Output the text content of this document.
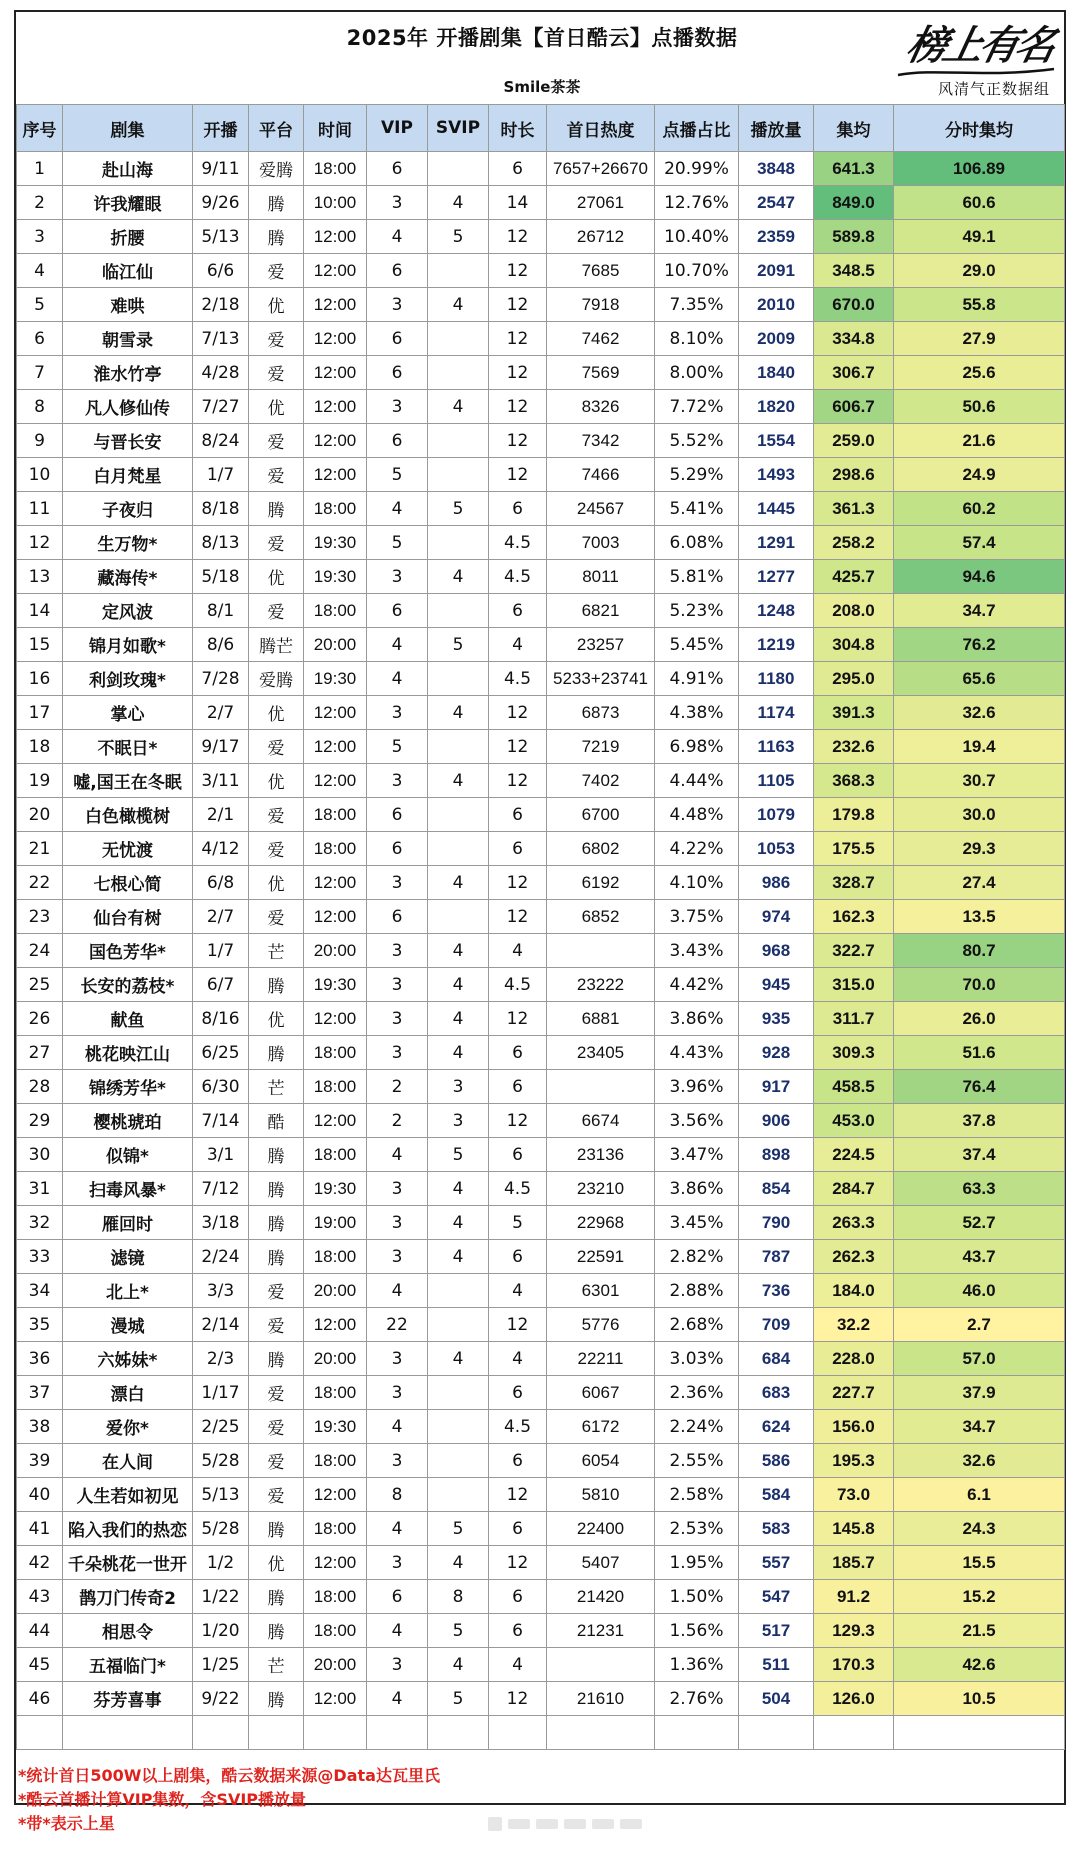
2025年 开播剧集【首日酷云】点播数据
Smile茶茶
榜上有名
风清气正数据组
序号	剧集	开播	平台	时间	VIP	SVIP	时长	首日热度	点播占比	播放量	集均	分时集均
1	赴山海	9/11	爱腾	18:00	6		6	7657+26670	20.99%	3848	641.3	106.89
2	许我耀眼	9/26	腾	10:00	3	4	14	27061	12.76%	2547	849.0	60.6
3	折腰	5/13	腾	12:00	4	5	12	26712	10.40%	2359	589.8	49.1
4	临江仙	6/6	爱	12:00	6		12	7685	10.70%	2091	348.5	29.0
5	难哄	2/18	优	12:00	3	4	12	7918	7.35%	2010	670.0	55.8
6	朝雪录	7/13	爱	12:00	6		12	7462	8.10%	2009	334.8	27.9
7	淮水竹亭	4/28	爱	12:00	6		12	7569	8.00%	1840	306.7	25.6
8	凡人修仙传	7/27	优	12:00	3	4	12	8326	7.72%	1820	606.7	50.6
9	与晋长安	8/24	爱	12:00	6		12	7342	5.52%	1554	259.0	21.6
10	白月梵星	1/7	爱	12:00	5		12	7466	5.29%	1493	298.6	24.9
11	子夜归	8/18	腾	18:00	4	5	6	24567	5.41%	1445	361.3	60.2
12	生万物*	8/13	爱	19:30	5		4.5	7003	6.08%	1291	258.2	57.4
13	藏海传*	5/18	优	19:30	3	4	4.5	8011	5.81%	1277	425.7	94.6
14	定风波	8/1	爱	18:00	6		6	6821	5.23%	1248	208.0	34.7
15	锦月如歌*	8/6	腾芒	20:00	4	5	4	23257	5.45%	1219	304.8	76.2
16	利剑玫瑰*	7/28	爱腾	19:30	4		4.5	5233+23741	4.91%	1180	295.0	65.6
17	掌心	2/7	优	12:00	3	4	12	6873	4.38%	1174	391.3	32.6
18	不眠日*	9/17	爱	12:00	5		12	7219	6.98%	1163	232.6	19.4
19	嘘,国王在冬眠	3/11	优	12:00	3	4	12	7402	4.44%	1105	368.3	30.7
20	白色橄榄树	2/1	爱	18:00	6		6	6700	4.48%	1079	179.8	30.0
21	无忧渡	4/12	爱	18:00	6		6	6802	4.22%	1053	175.5	29.3
22	七根心简	6/8	优	12:00	3	4	12	6192	4.10%	986	328.7	27.4
23	仙台有树	2/7	爱	12:00	6		12	6852	3.75%	974	162.3	13.5
24	国色芳华*	1/7	芒	20:00	3	4	4		3.43%	968	322.7	80.7
25	长安的荔枝*	6/7	腾	19:30	3	4	4.5	23222	4.42%	945	315.0	70.0
26	献鱼	8/16	优	12:00	3	4	12	6881	3.86%	935	311.7	26.0
27	桃花映江山	6/25	腾	18:00	3	4	6	23405	4.43%	928	309.3	51.6
28	锦绣芳华*	6/30	芒	18:00	2	3	6		3.96%	917	458.5	76.4
29	樱桃琥珀	7/14	酷	12:00	2	3	12	6674	3.56%	906	453.0	37.8
30	似锦*	3/1	腾	18:00	4	5	6	23136	3.47%	898	224.5	37.4
31	扫毒风暴*	7/12	腾	19:30	3	4	4.5	23210	3.86%	854	284.7	63.3
32	雁回时	3/18	腾	19:00	3	4	5	22968	3.45%	790	263.3	52.7
33	滤镜	2/24	腾	18:00	3	4	6	22591	2.82%	787	262.3	43.7
34	北上*	3/3	爱	20:00	4		4	6301	2.88%	736	184.0	46.0
35	漫城	2/14	爱	12:00	22		12	5776	2.68%	709	32.2	2.7
36	六姊妹*	2/3	腾	20:00	3	4	4	22211	3.03%	684	228.0	57.0
37	漂白	1/17	爱	18:00	3		6	6067	2.36%	683	227.7	37.9
38	爱你*	2/25	爱	19:30	4		4.5	6172	2.24%	624	156.0	34.7
39	在人间	5/28	爱	18:00	3		6	6054	2.55%	586	195.3	32.6
40	人生若如初见	5/13	爱	12:00	8		12	5810	2.58%	584	73.0	6.1
41	陷入我们的热恋	5/28	腾	18:00	4	5	6	22400	2.53%	583	145.8	24.3
42	千朵桃花一世开	1/2	优	12:00	3	4	12	5407	1.95%	557	185.7	15.5
43	鹊刀门传奇2	1/22	腾	18:00	6	8	6	21420	1.50%	547	91.2	15.2
44	相思令	1/20	腾	18:00	4	5	6	21231	1.56%	517	129.3	21.5
45	五福临门*	1/25	芒	20:00	3	4	4		1.36%	511	170.3	42.6
46	芬芳喜事	9/22	腾	12:00	4	5	12	21610	2.76%	504	126.0	10.5

*统计首日500W以上剧集，酷云数据来源@Data达瓦里氏
*酷云首播计算VIP集数，含SVIP播放量
*带*表示上星
